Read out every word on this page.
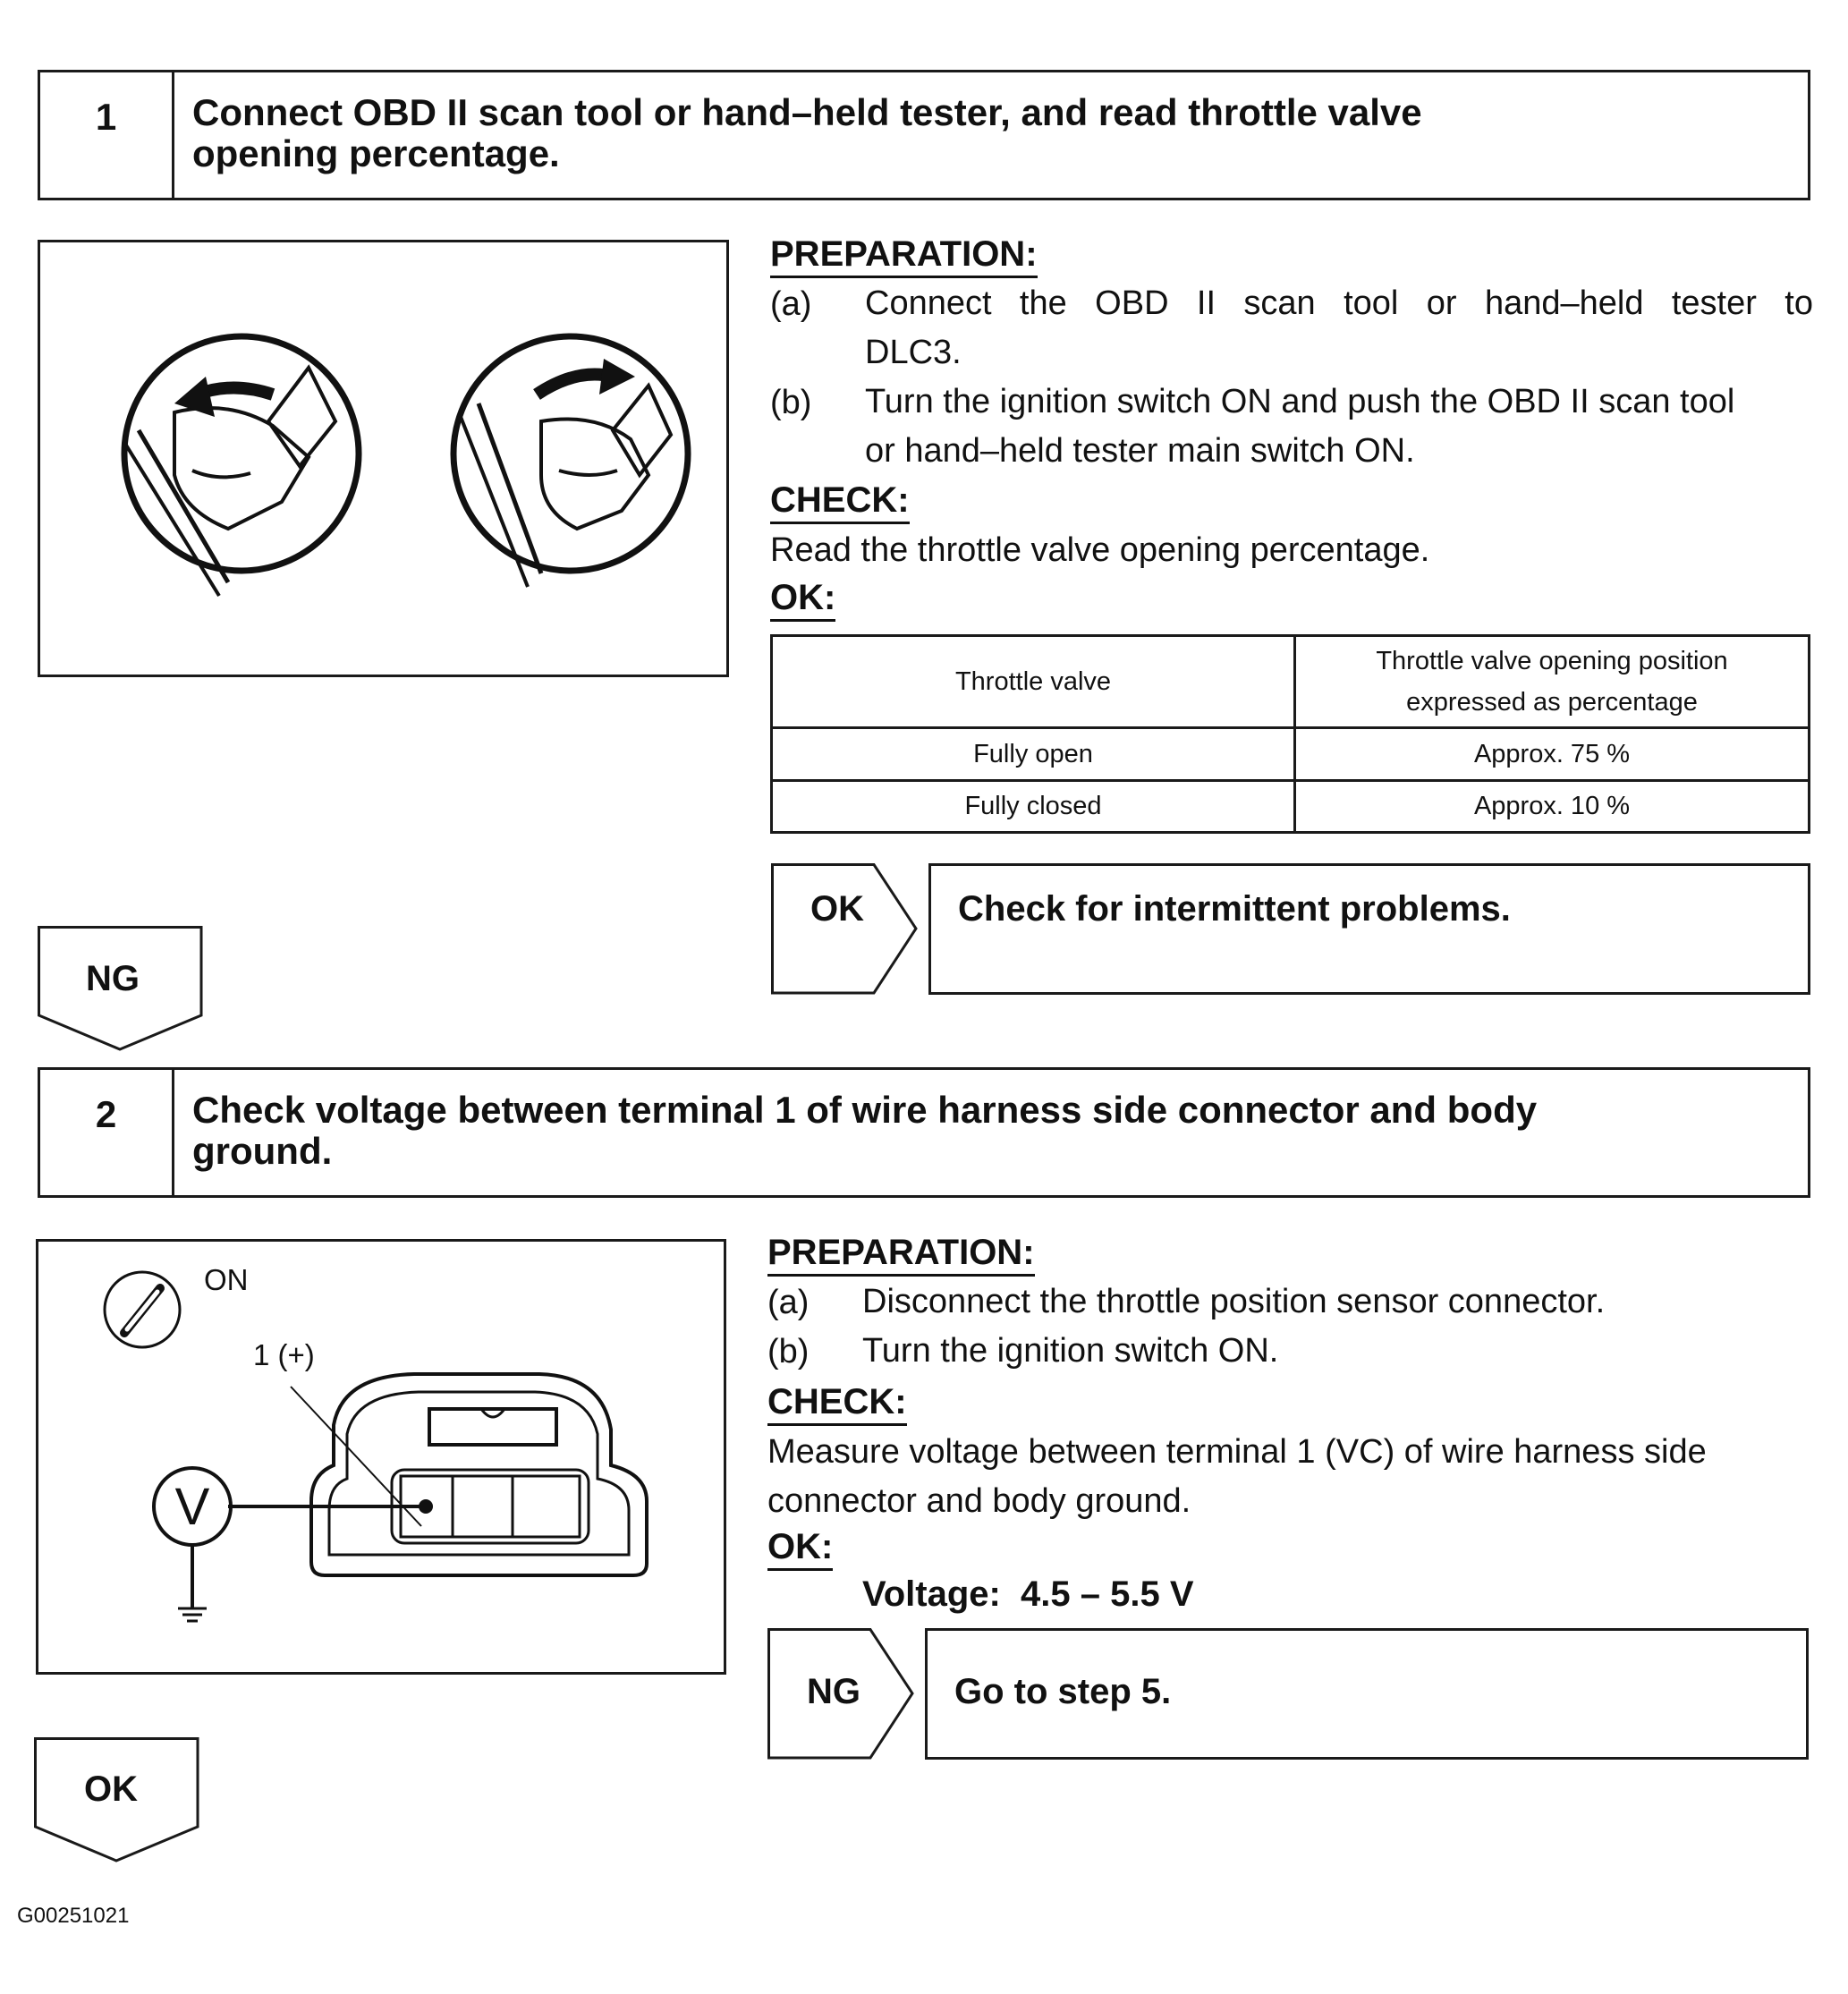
1	Connect OBD II scan tool or hand–held tester, and read throttle valve
opening percentage.
PREPARATION:
(a) Connect the OBD II scan tool or hand–held tester to
DLC3.
(b) Turn the ignition switch ON and push the OBD II scan tool
or hand–held tester main switch ON.
CHECK:
Read the throttle valve opening percentage.
OK:
Throttle valve	Throttle valve opening position
expressed as percentage

Fully open	Approx. 75 %
Fully closed	Approx. 10 %
OK	Check for intermittent problems.
NG
2	Check voltage between terminal 1 of wire harness side connector and body
ground.
ON
1 (+)
V
PREPARATION:
(a) Disconnect the throttle position sensor connector.
(b) Turn the ignition switch ON.
CHECK:
Measure voltage between terminal 1 (VC) of wire harness side
connector and body ground.
OK:
Voltage:  4.5 – 5.5 V
NG	Go to step 5.
OK
G00251021
